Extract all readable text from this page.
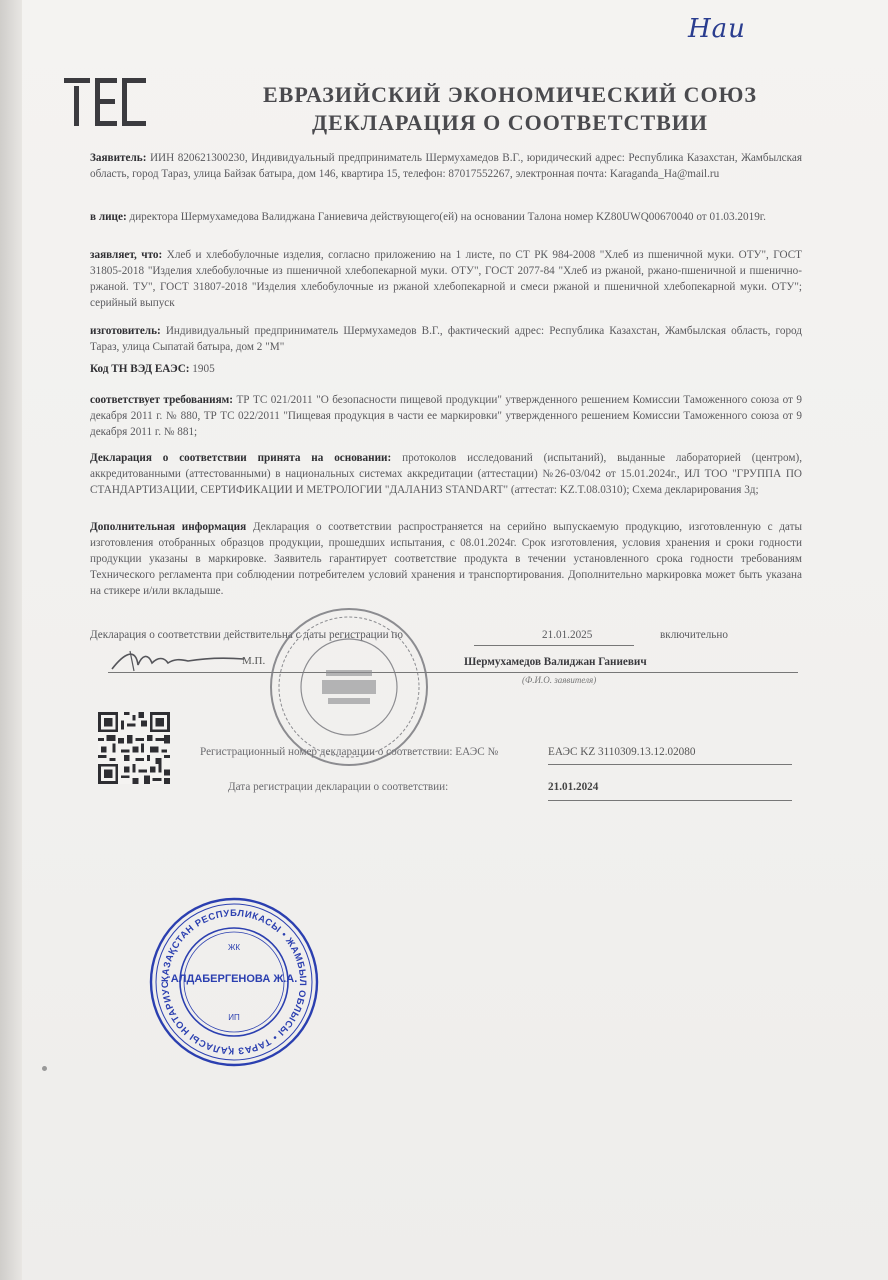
Наи
ЕВРАЗИЙСКИЙ ЭКОНОМИЧЕСКИЙ СОЮЗ
ДЕКЛАРАЦИЯ О СООТВЕТСТВИИ
Заявитель: ИИН 820621300230, Индивидуальный предприниматель Шермухамедов В.Г., юридический адрес: Республика Казахстан, Жамбылская область, город Тараз, улица Байзак батыра, дом 146, квартира 15, телефон: 87017552267, электронная почта: Karaganda_Ha@mail.ru
в лице: директора Шермухамедова Валиджана Ганиевича действующего(ей) на основании Талона номер KZ80UWQ00670040 от 01.03.2019г.
заявляет, что: Хлеб и хлебобулочные изделия, согласно приложению на 1 листе, по СТ РК 984-2008 "Хлеб из пшеничной муки. ОТУ", ГОСТ 31805-2018 "Изделия хлебобулочные из пшеничной хлебопекарной муки. ОТУ", ГОСТ 2077-84 "Хлеб из ржаной, ржано-пшеничной и пшенично-ржаной. ТУ", ГОСТ 31807-2018 "Изделия хлебобулочные из ржаной хлебопекарной и смеси ржаной и пшеничной хлебопекарной муки. ОТУ"; серийный выпуск
изготовитель: Индивидуальный предприниматель Шермухамедов В.Г., фактический адрес: Республика Казахстан, Жамбылская область, город Тараз, улица Сыпатай батыра, дом 2 "М"
Код ТН ВЭД ЕАЭС: 1905
соответствует требованиям: ТР ТС 021/2011 "О безопасности пищевой продукции" утвержденного решением Комиссии Таможенного союза от 9 декабря 2011 г. № 880, ТР ТС 022/2011 "Пищевая продукция в части ее маркировки" утвержденного решением Комиссии Таможенного союза от 9 декабря 2011 г. № 881;
Декларация о соответствии принята на основании: протоколов исследований (испытаний), выданные лабораторией (центром), аккредитованными (аттестованными) в национальных системах аккредитации (аттестации) №26-03/042 от 15.01.2024г., ИЛ ТОО "ГРУППА ПО СТАНДАРТИЗАЦИИ, СЕРТИФИКАЦИИ И МЕТРОЛОГИИ "ДАЛАНИЗ STANDART" (аттестат: KZ.T.08.0310); Схема декларирования 3д;
Дополнительная информация Декларация о соответствии распространяется на серийно выпускаемую продукцию, изготовленную с даты изготовления отобранных образцов продукции, прошедших испытания, с 08.01.2024г. Срок изготовления, условия хранения и сроки годности продукции указаны в маркировке. Заявитель гарантирует соответствие продукта в течении установленного срока годности требованиям Технического регламента при соблюдении потребителем условий хранения и транспортирования. Дополнительно маркировка может быть указана на стикере и/или вкладыше.
Декларация о соответствии действительна с даты регистрации по	21.01.2025	включительно
М.П.	Шермухамедов Валиджан Ганиевич
(Ф.И.О. заявителя)
Регистрационный номер декларации о соответствии: ЕАЭС №	ЕАЭС KZ 3110309.13.12.02080
Дата регистрации декларации о соответствии:	21.01.2024
ҚАЗАҚСТАН РЕСПУБЛИКАСЫ • ЖАМБЫЛ ОБЛЫСЫ • ТАРАЗ ҚАЛАСЫ НОТАРИУС
ЖК
ИП
АЛДАБЕРГЕНОВА Ж.А.
